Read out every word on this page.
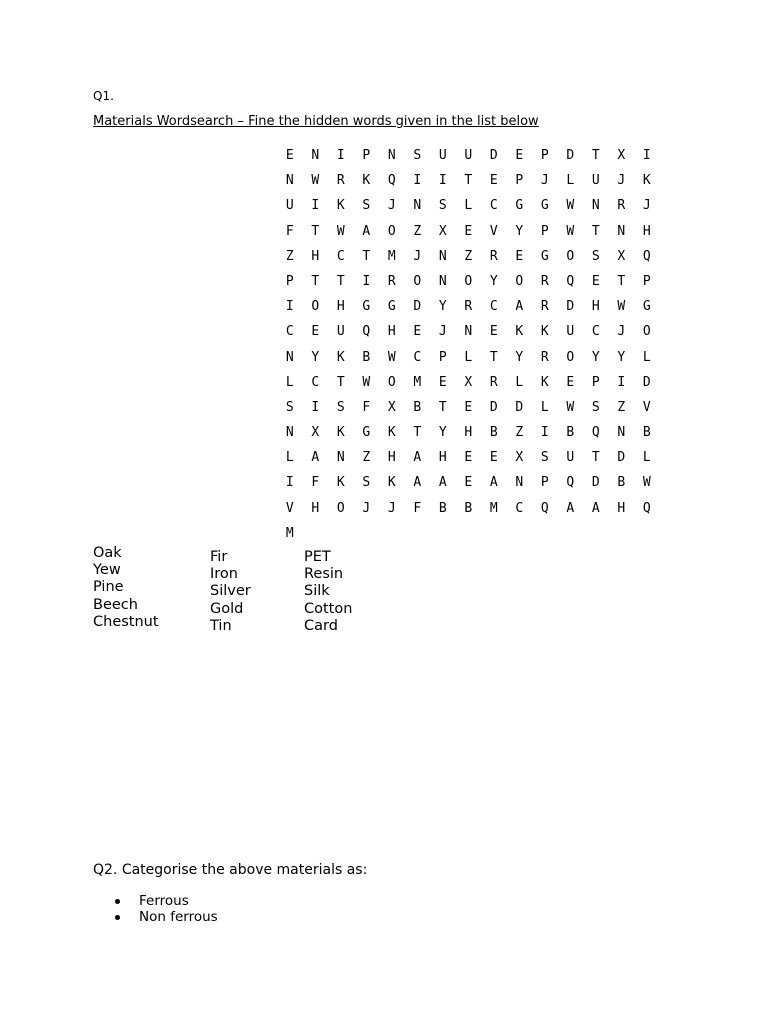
Q1.
Materials Wordsearch – Fine the hidden words given in the list below
E	N	I	P	N	S	U	U	D	E	P	D	T	X	I
N	W	R	K	Q	I	I	T	E	P	J	L	U	J	K
U	I	K	S	J	N	S	L	C	G	G	W	N	R	J
F	T	W	A	O	Z	X	E	V	Y	P	W	T	N	H
Z	H	C	T	M	J	N	Z	R	E	G	O	S	X	Q
P	T	T	I	R	O	N	O	Y	O	R	Q	E	T	P
I	O	H	G	G	D	Y	R	C	A	R	D	H	W	G
C	E	U	Q	H	E	J	N	E	K	K	U	C	J	O
N	Y	K	B	W	C	P	L	T	Y	R	O	Y	Y	L
L	C	T	W	O	M	E	X	R	L	K	E	P	I	D
S	I	S	F	X	B	T	E	D	D	L	W	S	Z	V
N	X	K	G	K	T	Y	H	B	Z	I	B	Q	N	B
L	A	N	Z	H	A	H	E	E	X	S	U	T	D	L
I	F	K	S	K	A	A	E	A	N	P	Q	D	B	W
V	H	O	J	J	F	B	B	M	C	Q	A	A	H	Q
M
Oak
Yew
Pine
Beech
Chestnut
Fir
Iron
Silver
Gold
Tin
PET
Resin
Silk
Cotton
Card
Q2. Categorise the above materials as:
Ferrous
Non ferrous
